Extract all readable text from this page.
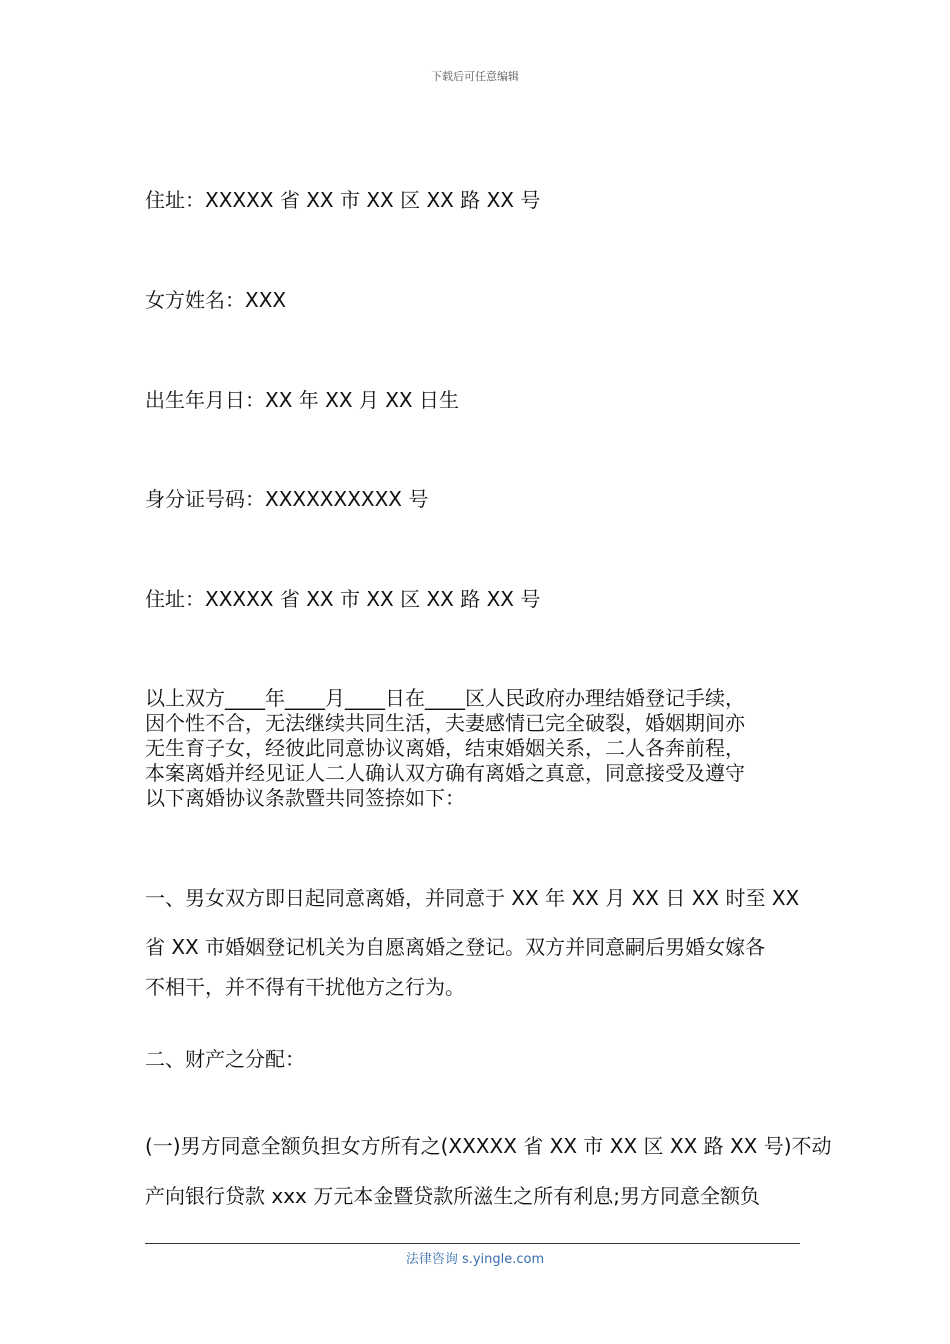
下载后可任意编辑
住址：XXXXX 省 XX 市 XX 区 XX 路 XX 号
女方姓名：XXX
出生年月日：XX 年 XX 月 XX 日生
身分证号码：XXXXXXXXXX 号
住址：XXXXX 省 XX 市 XX 区 XX 路 XX 号
以上双方____年____月____日在____区人民政府办理结婚登记手续，
因个性不合，无法继续共同生活，夫妻感情已完全破裂，婚姻期间亦
无生育子女，经彼此同意协议离婚，结束婚姻关系，二人各奔前程，
本案离婚并经见证人二人确认双方确有离婚之真意，同意接受及遵守
以下离婚协议条款暨共同签捺如下：
一、男女双方即日起同意离婚，并同意于 XX 年 XX 月 XX 日 XX 时至 XX
省 XX 市婚姻登记机关为自愿离婚之登记。双方并同意嗣后男婚女嫁各
不相干，并不得有干扰他方之行为。
二、财产之分配：
(一)男方同意全额负担女方所有之(XXXXX 省 XX 市 XX 区 XX 路 XX 号)不动
产向银行贷款 xxx 万元本金暨贷款所滋生之所有利息;男方同意全额负
法律咨询 s.yingle.com
